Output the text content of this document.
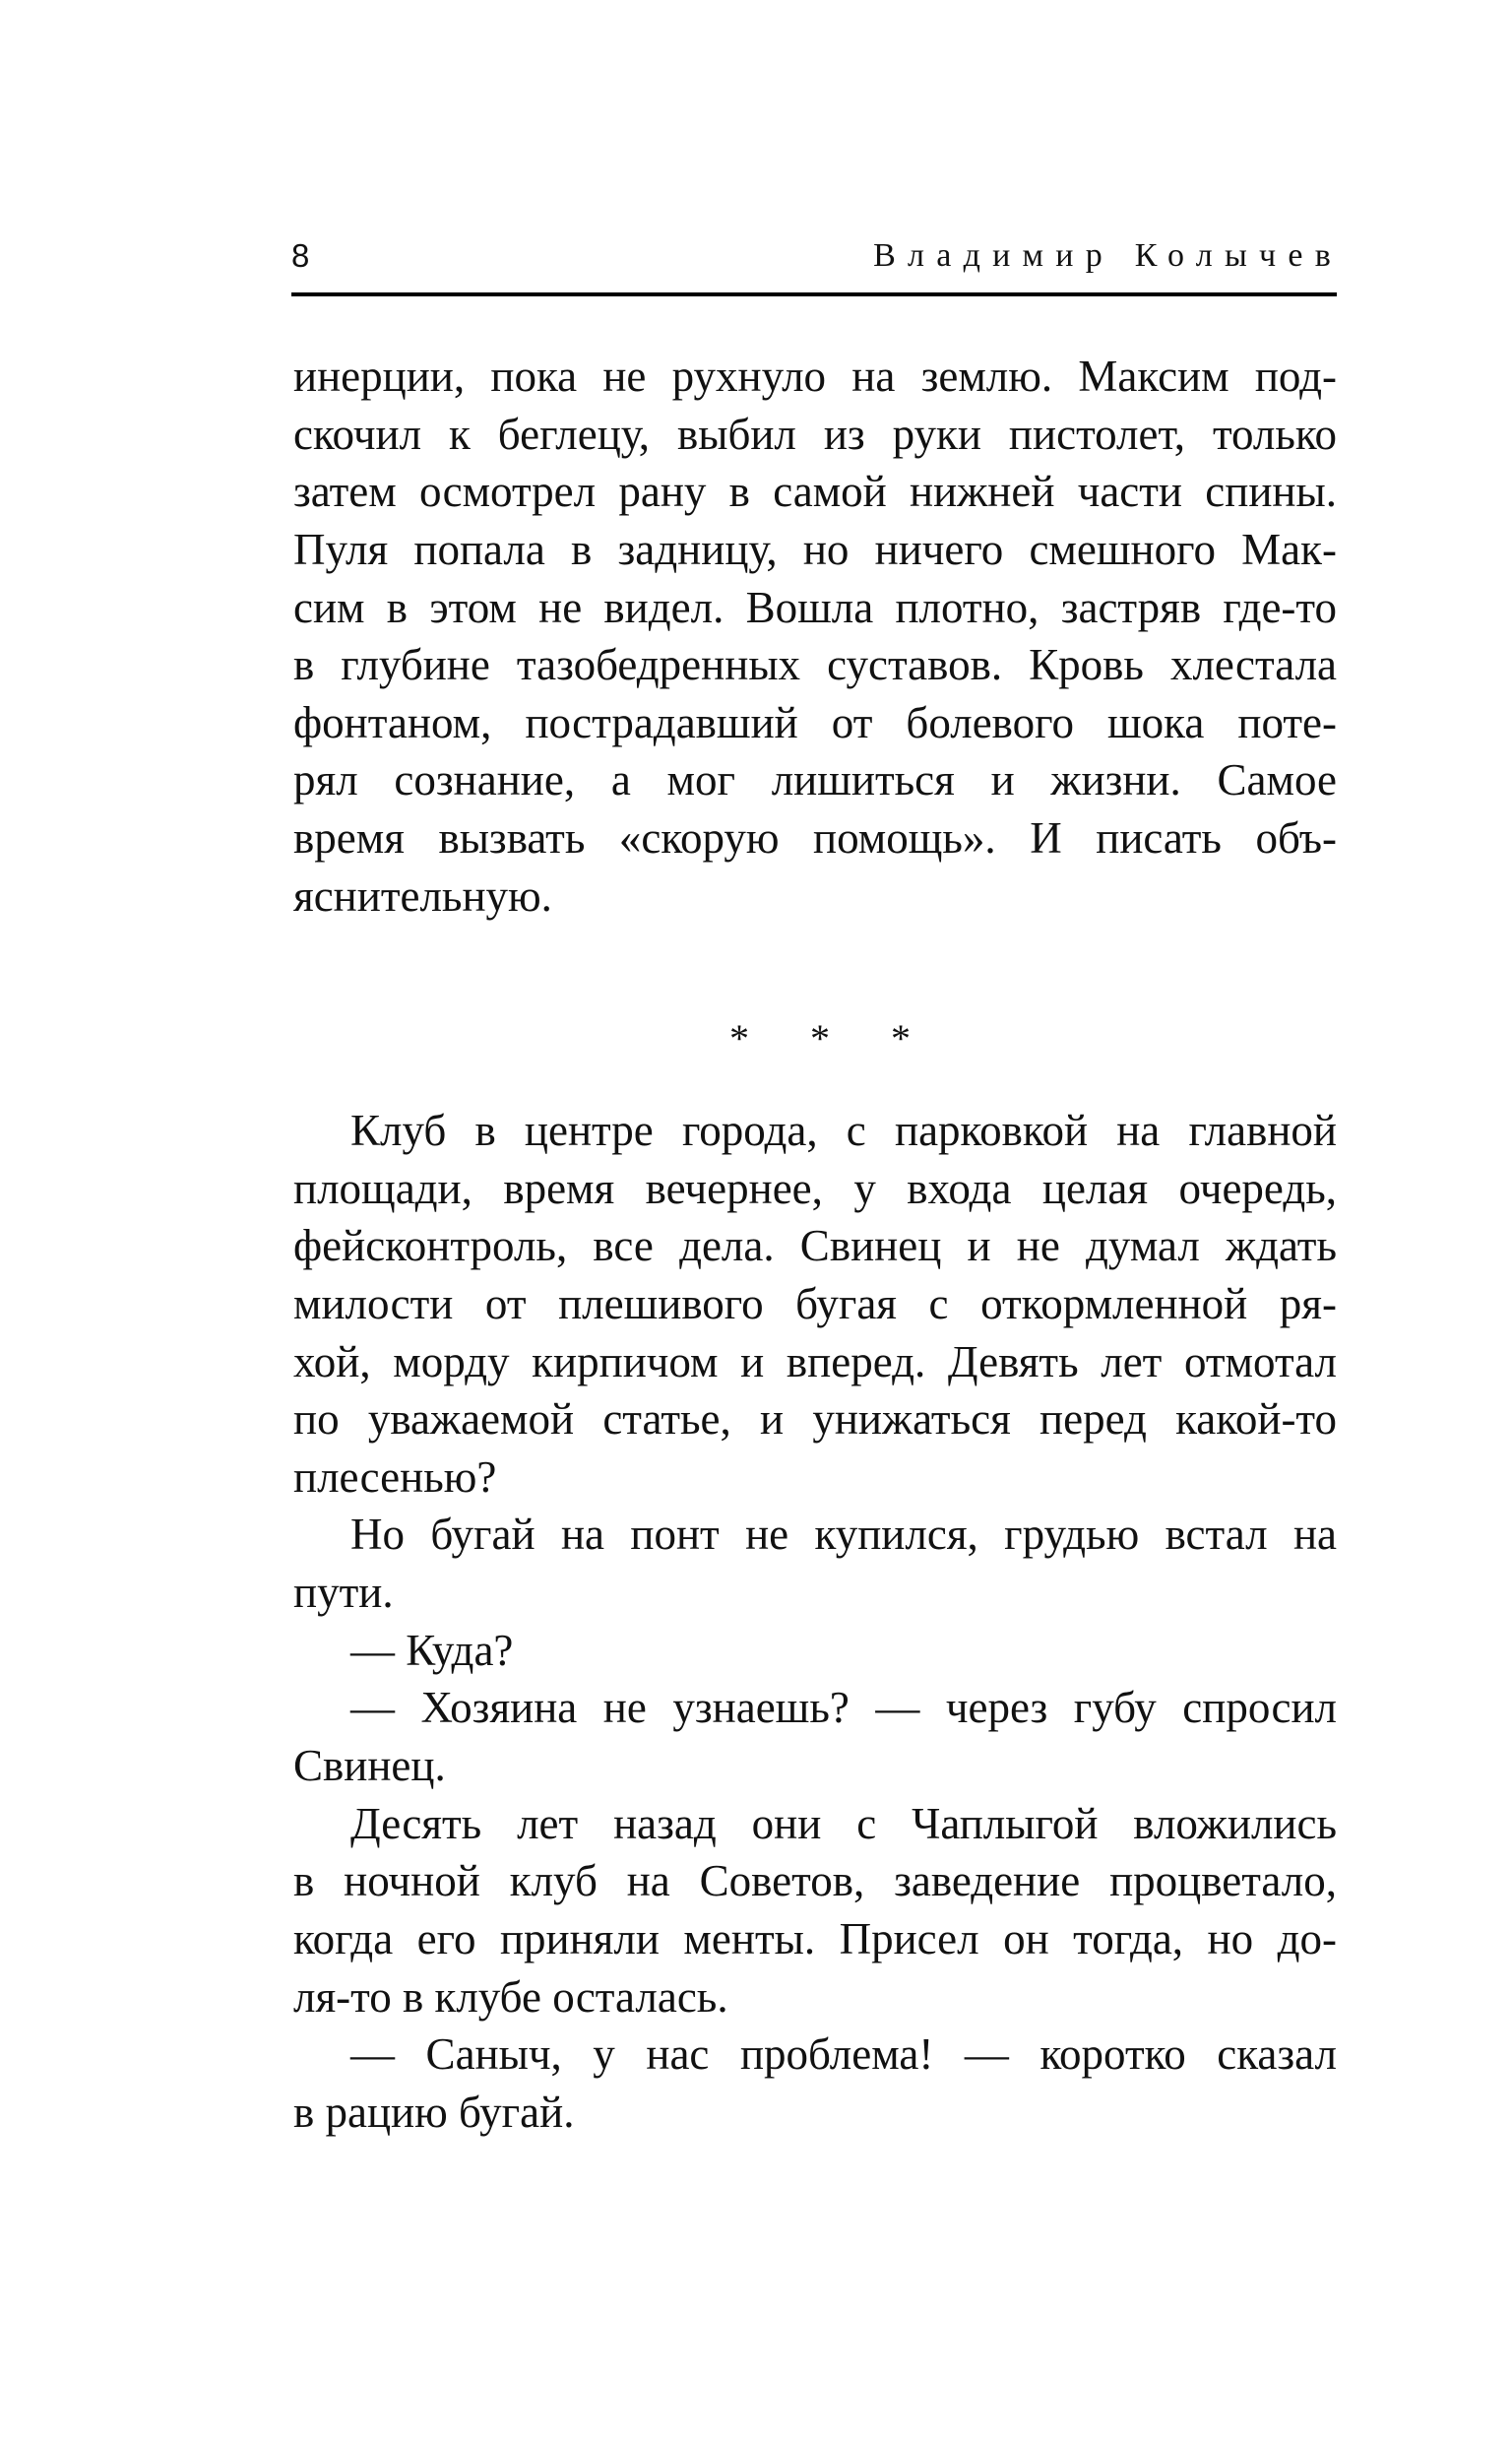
8	Владимир Колычев
инерции, пока не рухнуло на землю. Максим под-
скочил к беглецу, выбил из руки пистолет, только
затем осмотрел рану в самой нижней части спины.
Пуля попала в задницу, но ничего смешного Мак-
сим в этом не видел. Вошла плотно, застряв где-то
в глубине тазобедренных суставов. Кровь хлестала
фонтаном, пострадавший от болевого шока поте-
рял сознание, а мог лишиться и жизни. Самое
время вызвать «скорую помощь». И писать объ-
яснительную.
* * *
Клуб в центре города, с парковкой на главной
площади, время вечернее, у входа целая очередь,
фейсконтроль, все дела. Свинец и не думал ждать
милости от плешивого бугая с откормленной ря-
хой, морду кирпичом и вперед. Девять лет отмотал
по уважаемой статье, и унижаться перед какой-то
плесенью?
Но бугай на понт не купился, грудью встал на
пути.
— Куда?
— Хозяина не узнаешь? — через губу спросил
Свинец.
Десять лет назад они с Чаплыгой вложились
в ночной клуб на Советов, заведение процветало,
когда его приняли менты. Присел он тогда, но до-
ля-то в клубе осталась.
— Саныч, у нас проблема! — коротко сказал
в рацию бугай.
